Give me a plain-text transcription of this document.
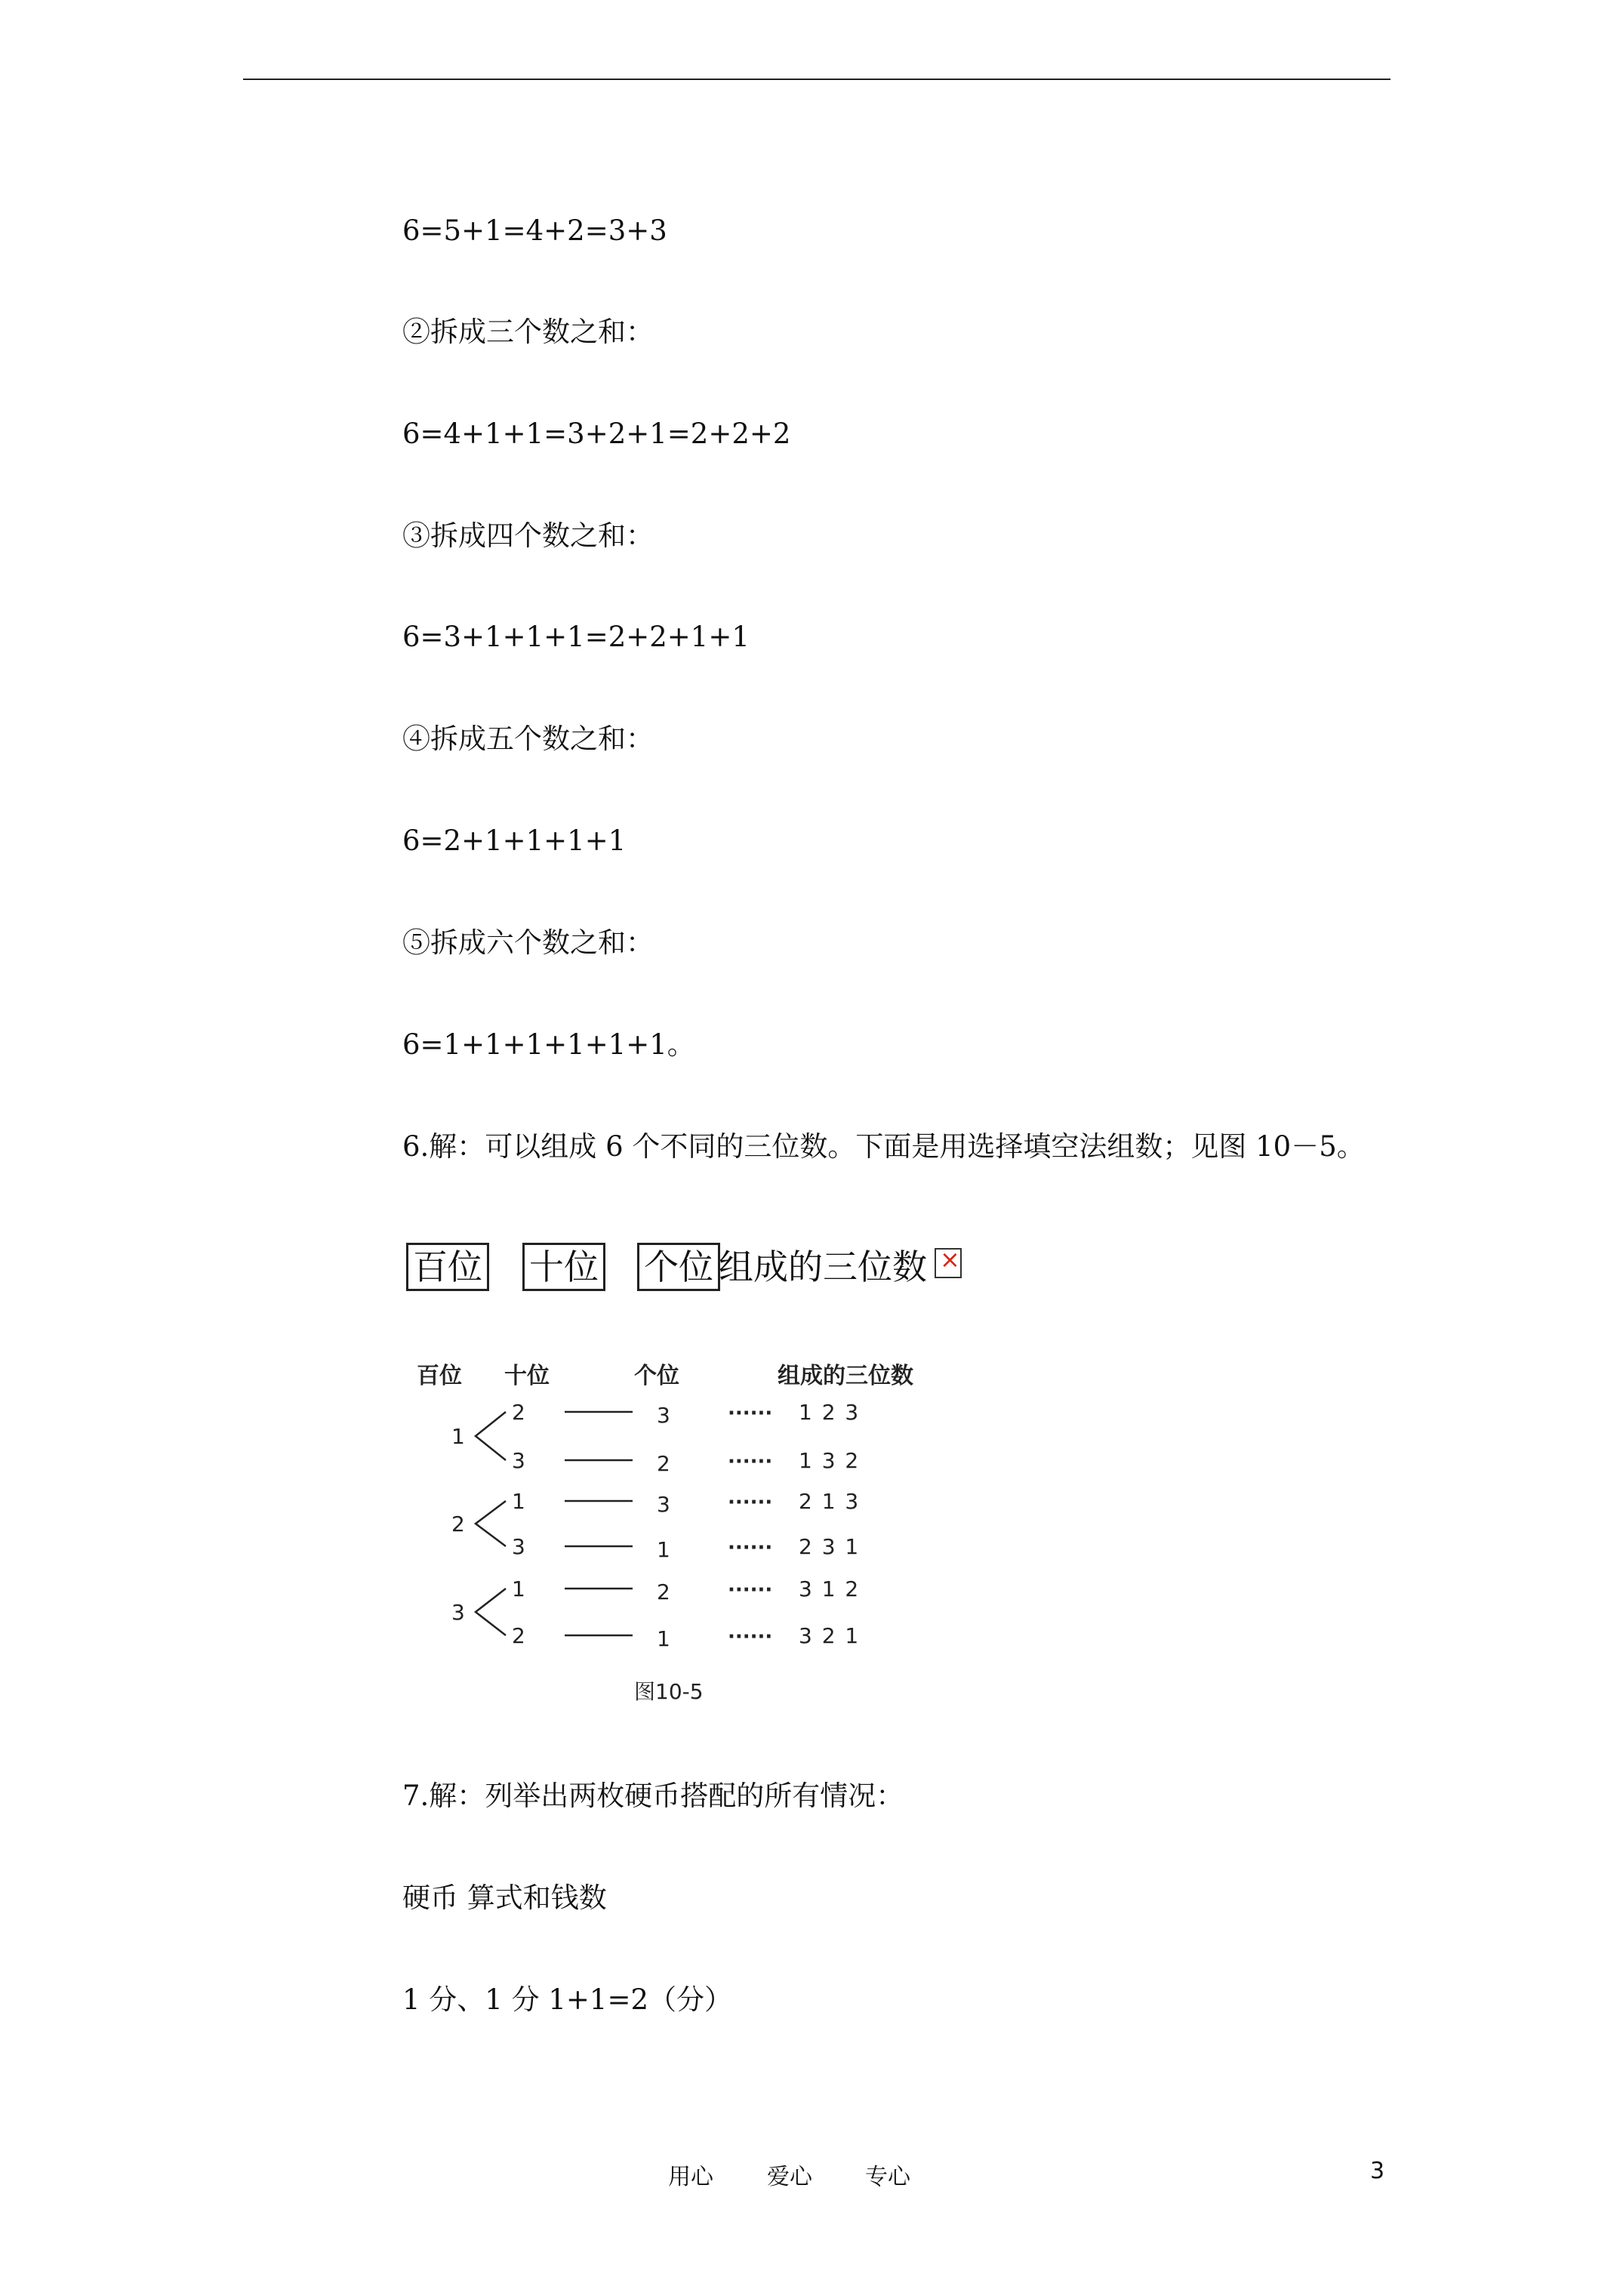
6=5+1=4+2=3+3
②拆成三个数之和：
6=4+1+1=3+2+1=2+2+2
③拆成四个数之和：
6=3+1+1+1=2+2+1+1
④拆成五个数之和：
6=2+1+1+1+1
⑤拆成六个数之和：
6=1+1+1+1+1+1。
6.解：可以组成 6 个不同的三位数。下面是用选择填空法组数；见图 10－5。
百位 十位 个位 组成的三位数
×
百位 十位	个位	组成的三位数
1
2	3	······ 1 2 3
3	2	······ 1 3 2
2
1	3	······ 2 1 3
3	1	······ 2 3 1
3
1	2	······ 3 1 2
2	1	······ 3 2 1
图10-5
7.解：列举出两枚硬币搭配的所有情况：
硬币 算式和钱数
1 分、1 分 1+1=2（分）
用心 爱心 专心	3
